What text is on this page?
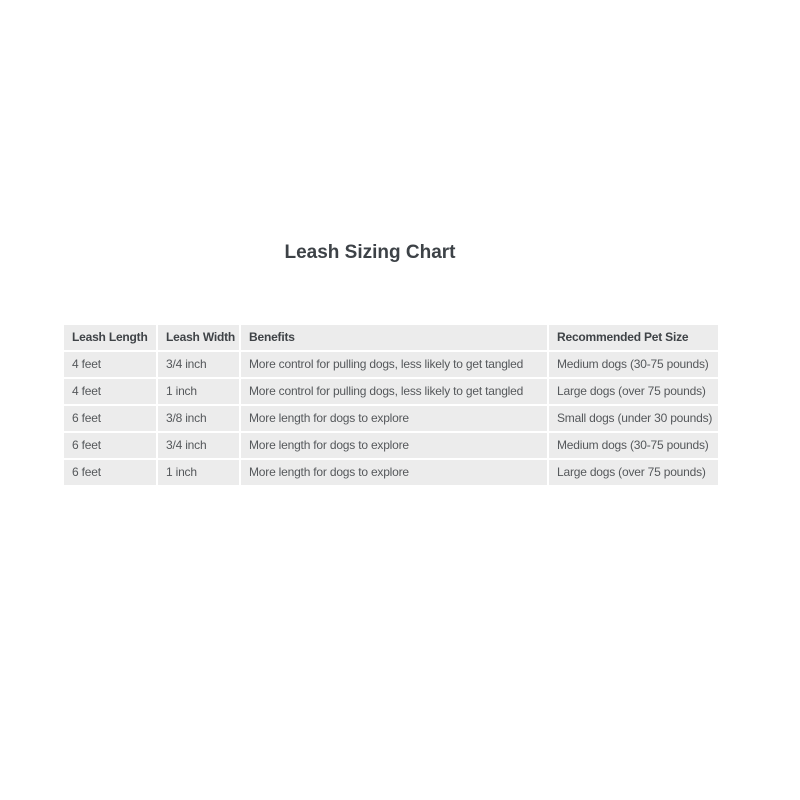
Leash Sizing Chart
Leash Length	Leash Width	Benefits	Recommended Pet Size
4 feet	3/4 inch	More control for pulling dogs, less likely to get tangled	Medium dogs (30-75 pounds)
4 feet	1 inch	More control for pulling dogs, less likely to get tangled	Large dogs (over 75 pounds)
6 feet	3/8 inch	More length for dogs to explore	Small dogs (under 30 pounds)
6 feet	3/4 inch	More length for dogs to explore	Medium dogs (30-75 pounds)
6 feet	1 inch	More length for dogs to explore	Large dogs (over 75 pounds)
